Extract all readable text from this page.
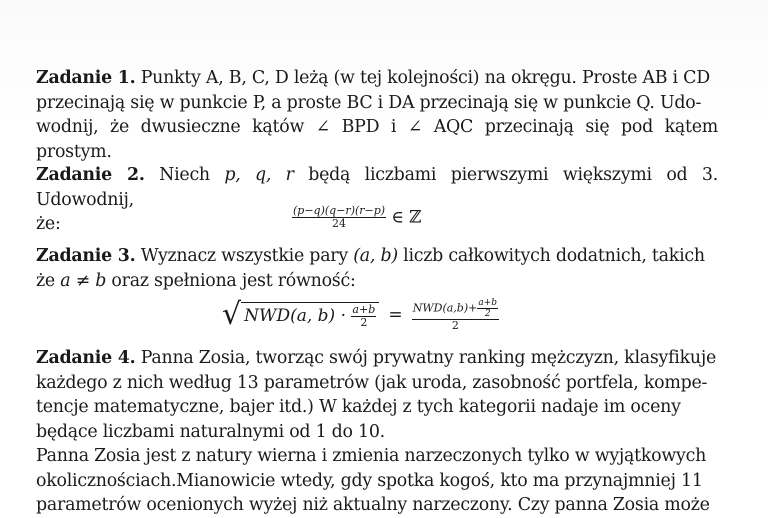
Zadanie 1. Punkty A, B, C, D leżą (w tej kolejności) na okręgu. Proste AB i CD
przecinają się w punkcie P, a proste BC i DA przecinają się w punkcie Q. Udo-
wodnij, że dwusieczne kątów ∠ BPD i ∠ AQC przecinają się pod kątem prostym.
Zadanie 2. Niech p, q, r będą liczbami pierwszymi większymi od 3. Udowodnij,
że:	$\frac{(p-q)(q-r)(r-p)}{24}$ ∈ ℤ
Zadanie 3. Wyznacz wszystkie pary (a, b) liczb całkowitych dodatnich, takich
że a ≠ b oraz spełniona jest równość:
√ NWD(a, $b) \cdot \frac{a+b}{2} = \frac{NWD(a,b)+ \frac{a+b}{2}}{2}$
Zadanie 4. Panna Zosia, tworząc swój prywatny ranking mężczyzn, klasyfikuje
każdego z nich według 13 parametrów (jak uroda, zasobność portfela, kompe-
tencje matematyczne, bajer itd.) W każdej z tych kategorii nadaje im oceny
będące liczbami naturalnymi od 1 do 10.
Panna Zosia jest z natury wierna i zmienia narzeczonych tylko w wyjątkowych
okolicznościach.Mianowicie wtedy, gdy spotka kogoś, kto ma przynajmniej 11
parametrów ocenionych wyżej niż aktualny narzeczony. Czy panna Zosia może
